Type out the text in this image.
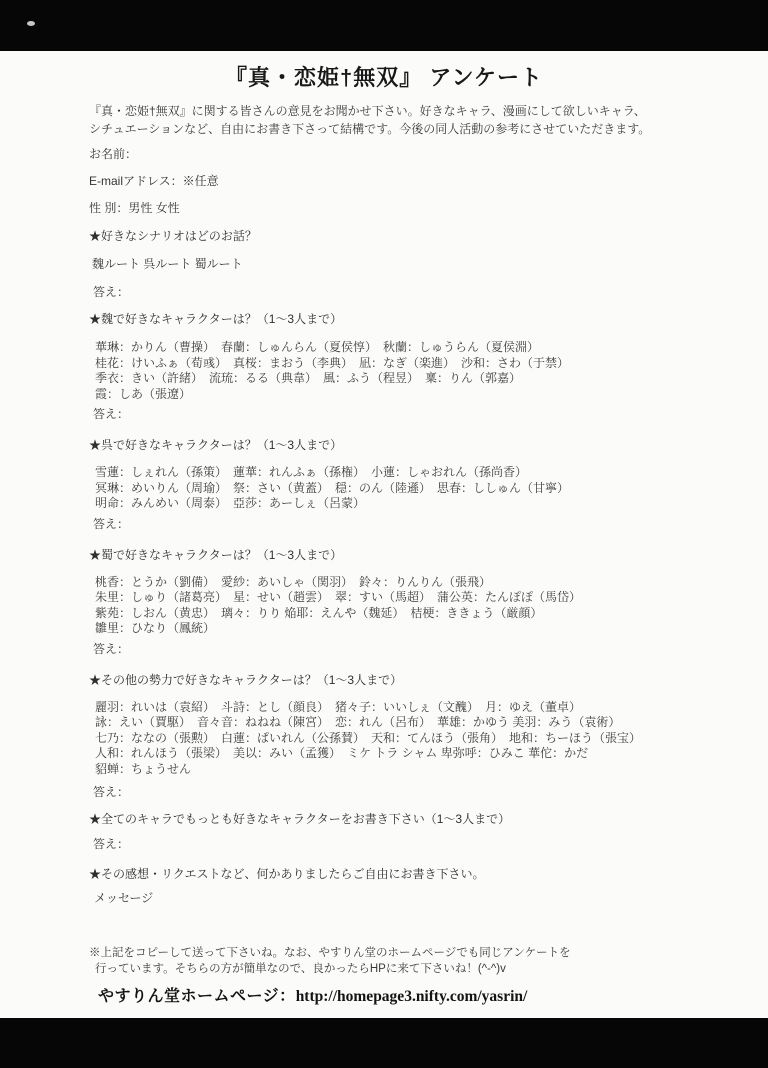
『真・恋姫†無双』 アンケート
『真・恋姫†無双』に関する皆さんの意見をお聞かせ下さい。好きなキャラ、漫画にして欲しいキャラ、
シチュエーションなど、自由にお書き下さって結構です。今後の同人活動の参考にさせていただきます。
お名前：
E-mailアドレス：※任意
性 別：男性 女性
★好きなシナリオはどのお話？
魏ルート 呉ルート 蜀ルート
答え：
★魏で好きなキャラクターは？（1～3人まで）
華琳：かりん（曹操）　春蘭：しゅんらん（夏侯惇）　秋蘭：しゅうらん（夏侯淵）
桂花：けいふぁ（荀彧）　真桜：まおう（李典）　凪：なぎ（楽進）　沙和：さわ（于禁）
季衣：きい（許緒）　流琉：るる（典韋）　風：ふう（程昱）　稟：りん（郭嘉）
霞：しあ（張遼）
答え：
★呉で好きなキャラクターは？（1～3人まで）
雪蓮：しぇれん（孫策）　蓮華：れんふぁ（孫権）　小蓮：しゃおれん（孫尚香）
冥琳：めいりん（周瑜）　祭：さい（黄蓋）　穏：のん（陸遜）　思春：ししゅん（甘寧）
明命：みんめい（周泰）　亞莎：あーしぇ（呂蒙）
答え：
★蜀で好きなキャラクターは？（1～3人まで）
桃香：とうか（劉備）　愛紗：あいしゃ（関羽）　鈴々：りんりん（張飛）
朱里：しゅり（諸葛亮）　星：せい（趙雲）　翠：すい（馬超）　蒲公英：たんぽぽ（馬岱）
紫苑：しおん（黄忠）　璃々：りり 焔耶：えんや（魏延）　桔梗：ききょう（厳顔）
雛里：ひなり（鳳統）
答え：
★その他の勢力で好きなキャラクターは？（1～3人まで）
麗羽：れいは（袁紹）　斗詩：とし（顔良）　猪々子：いいしぇ（文醜）　月：ゆえ（董卓）
詠：えい（賈駆）　音々音：ねねね（陳宮）　恋：れん（呂布）　華雄：かゆう 美羽：みう（袁術）
七乃：ななの（張勲）　白蓮：ぱいれん（公孫賛）　天和：てんほう（張角）　地和：ちーほう（張宝）
人和：れんほう（張梁）　美以：みい（孟獲）　ミケ トラ シャム 卑弥呼：ひみこ 華佗：かだ
貂蝉：ちょうせん
答え：
★全てのキャラでもっとも好きなキャラクターをお書き下さい（1～3人まで）
答え：
★その感想・リクエストなど、何かありましたらご自由にお書き下さい。
メッセージ
※上記をコピーして送って下さいね。なお、やすりん堂のホームページでも同じアンケートを
行っています。そちらの方が簡単なので、良かったらHPに来て下さいね！(^-^)v
やすりん堂ホームページ：http://homepage3.nifty.com/yasrin/
